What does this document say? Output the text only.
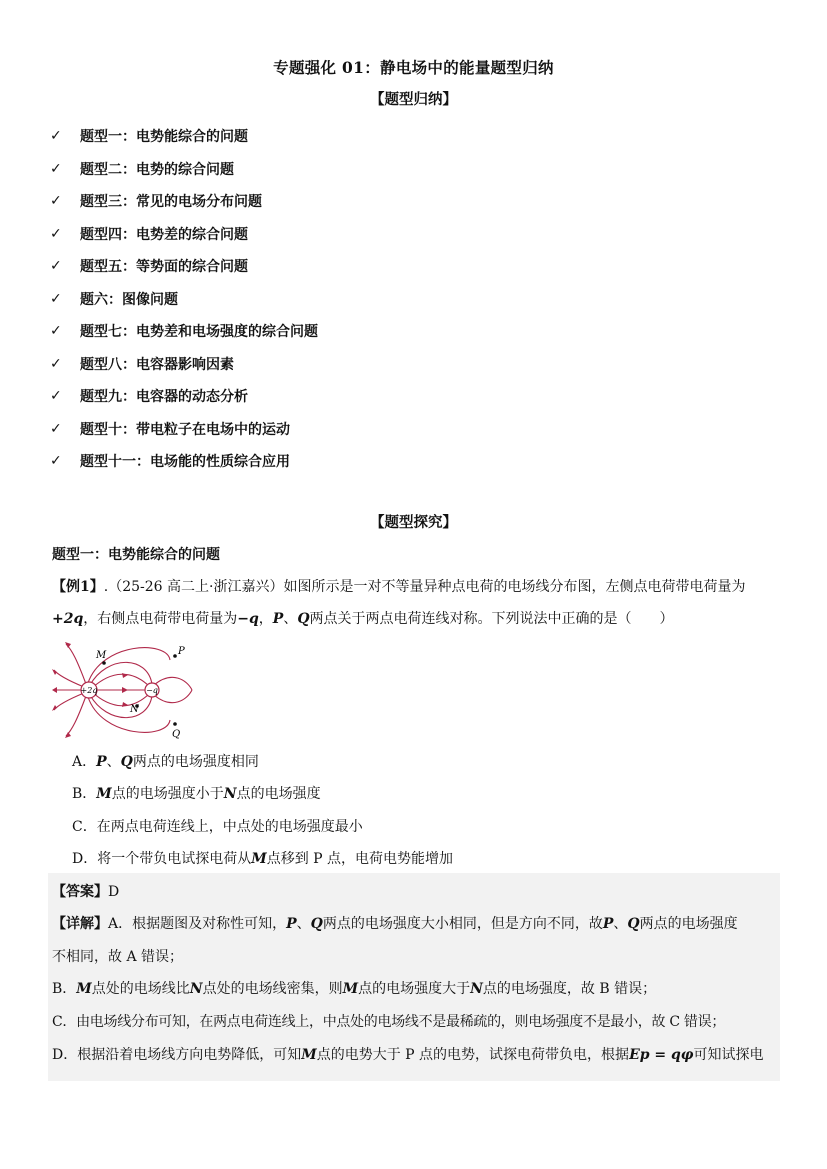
专题强化 01：静电场中的能量题型归纳
【题型归纳】
✓	题型一：电势能综合的问题
✓	题型二：电势的综合问题
✓	题型三：常见的电场分布问题
✓	题型四：电势差的综合问题
✓	题型五：等势面的综合问题
✓	题六：图像问题
✓	题型七：电势差和电场强度的综合问题
✓	题型八：电容器影响因素
✓	题型九：电容器的动态分析
✓	题型十：带电粒子在电场中的运动
✓	题型十一：电场能的性质综合应用
【题型探究】
题型一：电势能综合的问题
【例1】.（25-26 高二上·浙江嘉兴）如图所示是一对不等量异种点电荷的电场线分布图，左侧点电荷带电荷量为
+2q，右侧点电荷带电荷量为−q，P、Q两点关于两点电荷连线对称。下列说法中正确的是（　　）
+2q	−q
M	P
N
Q
A．P、Q两点的电场强度相同
B．M点的电场强度小于N点的电场强度
C．在两点电荷连线上，中点处的电场强度最小
D．将一个带负电试探电荷从M点移到 P 点，电荷电势能增加
【答案】D
【详解】A．根据题图及对称性可知，P、Q两点的电场强度大小相同，但是方向不同，故P、Q两点的电场强度
不相同，故 A 错误；
B．M点处的电场线比N点处的电场线密集，则M点的电场强度大于N点的电场强度，故 B 错误；
C．由电场线分布可知，在两点电荷连线上，中点处的电场线不是最稀疏的，则电场强度不是最小，故 C 错误；
D．根据沿着电场线方向电势降低，可知M点的电势大于 P 点的电势，试探电荷带负电，根据Ep = qφ可知试探电
